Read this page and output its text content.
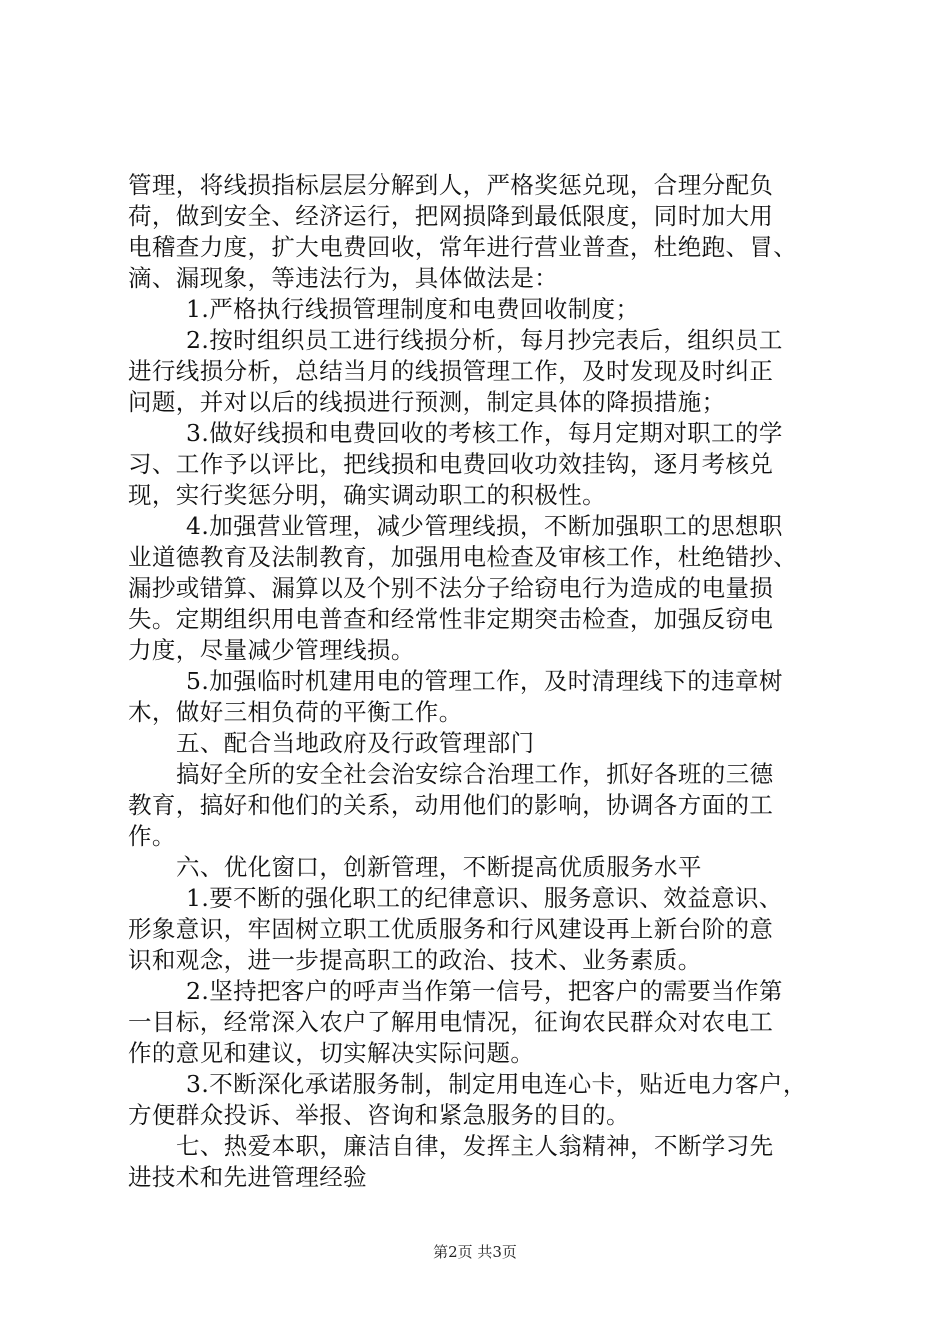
管理，将线损指标层层分解到人，严格奖惩兑现，合理分配负
荷，做到安全、经济运行，把网损降到最低限度，同时加大用
电稽查力度，扩大电费回收，常年进行营业普查，杜绝跑、冒、
滴、漏现象，等违法行为，具体做法是：
1.严格执行线损管理制度和电费回收制度；
2.按时组织员工进行线损分析，每月抄完表后，组织员工
进行线损分析，总结当月的线损管理工作，及时发现及时纠正
问题，并对以后的线损进行预测，制定具体的降损措施；
3.做好线损和电费回收的考核工作，每月定期对职工的学
习、工作予以评比，把线损和电费回收功效挂钩，逐月考核兑
现，实行奖惩分明，确实调动职工的积极性。
4.加强营业管理，减少管理线损，不断加强职工的思想职
业道德教育及法制教育，加强用电检查及审核工作，杜绝错抄、
漏抄或错算、漏算以及个别不法分子给窃电行为造成的电量损
失。定期组织用电普查和经常性非定期突击检查，加强反窃电
力度，尽量减少管理线损。
5.加强临时机建用电的管理工作，及时清理线下的违章树
木，做好三相负荷的平衡工作。
五、配合当地政府及行政管理部门
搞好全所的安全社会治安综合治理工作，抓好各班的三德
教育，搞好和他们的关系，动用他们的影响，协调各方面的工
作。
六、优化窗口，创新管理，不断提高优质服务水平
1.要不断的强化职工的纪律意识、服务意识、效益意识、
形象意识，牢固树立职工优质服务和行风建设再上新台阶的意
识和观念，进一步提高职工的政治、技术、业务素质。
2.坚持把客户的呼声当作第一信号，把客户的需要当作第
一目标，经常深入农户了解用电情况，征询农民群众对农电工
作的意见和建议，切实解决实际问题。
3.不断深化承诺服务制，制定用电连心卡，贴近电力客户，
方便群众投诉、举报、咨询和紧急服务的目的。
七、热爱本职，廉洁自律，发挥主人翁精神，不断学习先
进技术和先进管理经验
第2页 共3页
